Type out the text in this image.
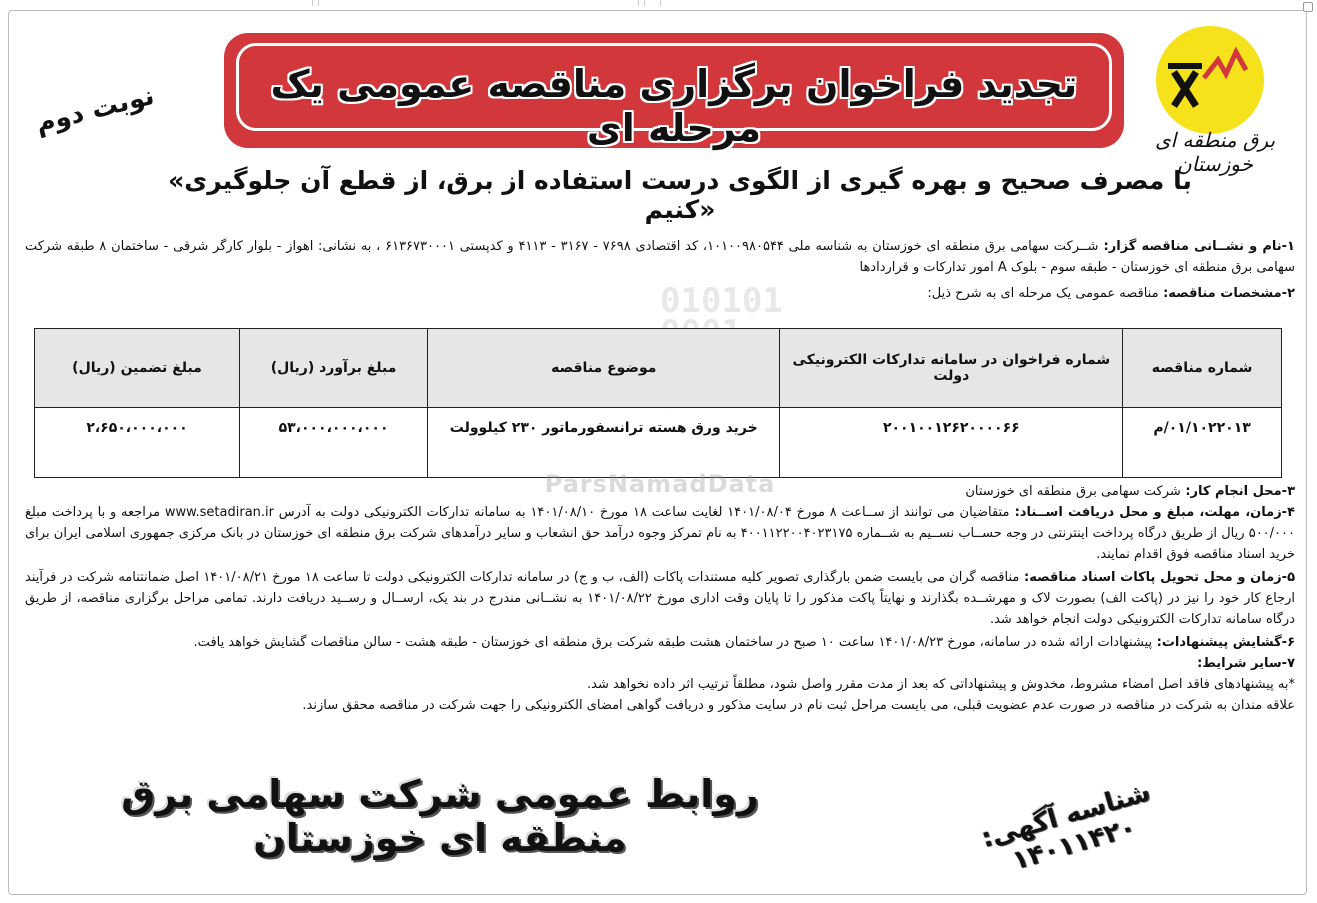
برق منطقه ای خوزستان
تجدید فراخوان برگزاری مناقصه عمومی یک مرحله ای
نوبت دوم
«با مصرف صحیح و بهره گیری از الگوی درست استفاده از برق، از قطع آن جلوگیری کنیم»
۱-نام و نشــانی مناقصه گزار: شــرکت سهامی برق منطقه ای خوزستان به شناسه ملی ۱۰۱۰۰۹۸۰۵۴۴، کد اقتصادی ۷۶۹۸ - ۳۱۶۷ - ۴۱۱۳ و کدپستی ۶۱۳۶۷۳۰۰۰۱ ، به نشانی: اهواز - بلوار کارگر شرقی - ساختمان ۸ طبقه شرکت سهامی برق منطقه ای خوزستان - طبقه سوم - بلوک A امور تدارکات و قراردادها
۲-مشخصات مناقصه: مناقصه عمومی یک مرحله ای به شرح ذیل:
010101

شماره مناقصه	شماره فراخوان در سامانه تدارکات الکترونیکی دولت	موضوع مناقصه	مبلغ برآورد (ریال)	مبلغ تضمین (ریال)
۰۱/۱۰۲۲۰۱۳/م	۲۰۰۱۰۰۱۲۶۲۰۰۰۰۶۶	خرید ورق هسته ترانسفورماتور ۲۳۰ کیلوولت	۵۳،۰۰۰،۰۰۰،۰۰۰	۲،۶۵۰،۰۰۰،۰۰۰
ParsNamadData	۳-محل انجام کار: شرکت سهامی برق منطقه ای خوزستان
۴-زمان، مهلت، مبلغ و محل دریافت اســناد: متقاضیان می توانند از ســاعت ۸ مورخ ۱۴۰۱/۰۸/۰۴ لغایت ساعت ۱۸ مورخ ۱۴۰۱/۰۸/۱۰ به سامانه تدارکات الکترونیکی دولت به آدرس www.setadiran.ir مراجعه و با پرداخت مبلغ ۵۰۰/۰۰۰ ریال از طریق درگاه پرداخت اینترنتی در وجه حســاب نســیم به شــماره ۴۰۰۱۱۲۲۰۰۴۰۲۳۱۷۵ به نام تمرکز وجوه درآمد حق انشعاب و سایر درآمدهای شرکت برق منطقه ای خوزستان در بانک مرکزی جمهوری اسلامی ایران برای خرید اسناد مناقصه فوق اقدام نمایند.
۵-زمان و محل تحویل پاکات اسناد مناقصه: مناقصه گران می بایست ضمن بارگذاری تصویر کلیه مستندات پاکات (الف، ب و ج) در سامانه تدارکات الکترونیکی دولت تا ساعت ۱۸ مورخ ۱۴۰۱/۰۸/۲۱ اصل ضمانتنامه شرکت در فرآیند ارجاع کار خود را نیز در (پاکت الف) بصورت لاک و مهرشــده بگذارند و نهایتاً پاکت مذکور را تا پایان وقت اداری مورخ ۱۴۰۱/۰۸/۲۲ به نشــانی مندرج در بند یک، ارســال و رســید دریافت دارند. تمامی مراحل برگزاری مناقصه، از طریق درگاه سامانه تدارکات الکترونیکی دولت انجام خواهد شد.
۶-گشایش پیشنهادات: پیشنهادات ارائه شده در سامانه، مورخ ۱۴۰۱/۰۸/۲۳ ساعت ۱۰ صبح در ساختمان هشت طبقه شرکت برق منطقه ای خوزستان - طبقه هشت - سالن مناقصات گشایش خواهد یافت.
۷-سایر شرایط:
*به پیشنهادهای فاقد اصل امضاء مشروط، مخدوش و پیشنهاداتی که بعد از مدت مقرر واصل شود، مطلقاً ترتیب اثر داده نخواهد شد.
علاقه مندان به شرکت در مناقصه در صورت عدم عضویت قبلی، می بایست مراحل ثبت نام در سایت مذکور و دریافت گواهی امضای الکترونیکی را جهت شرکت در مناقصه محقق سازند.
روابط عمومی شرکت سهامی برق منطقه ای خوزستان	شناسه آگهی: ۱۴۰۱۱۴۲۰
